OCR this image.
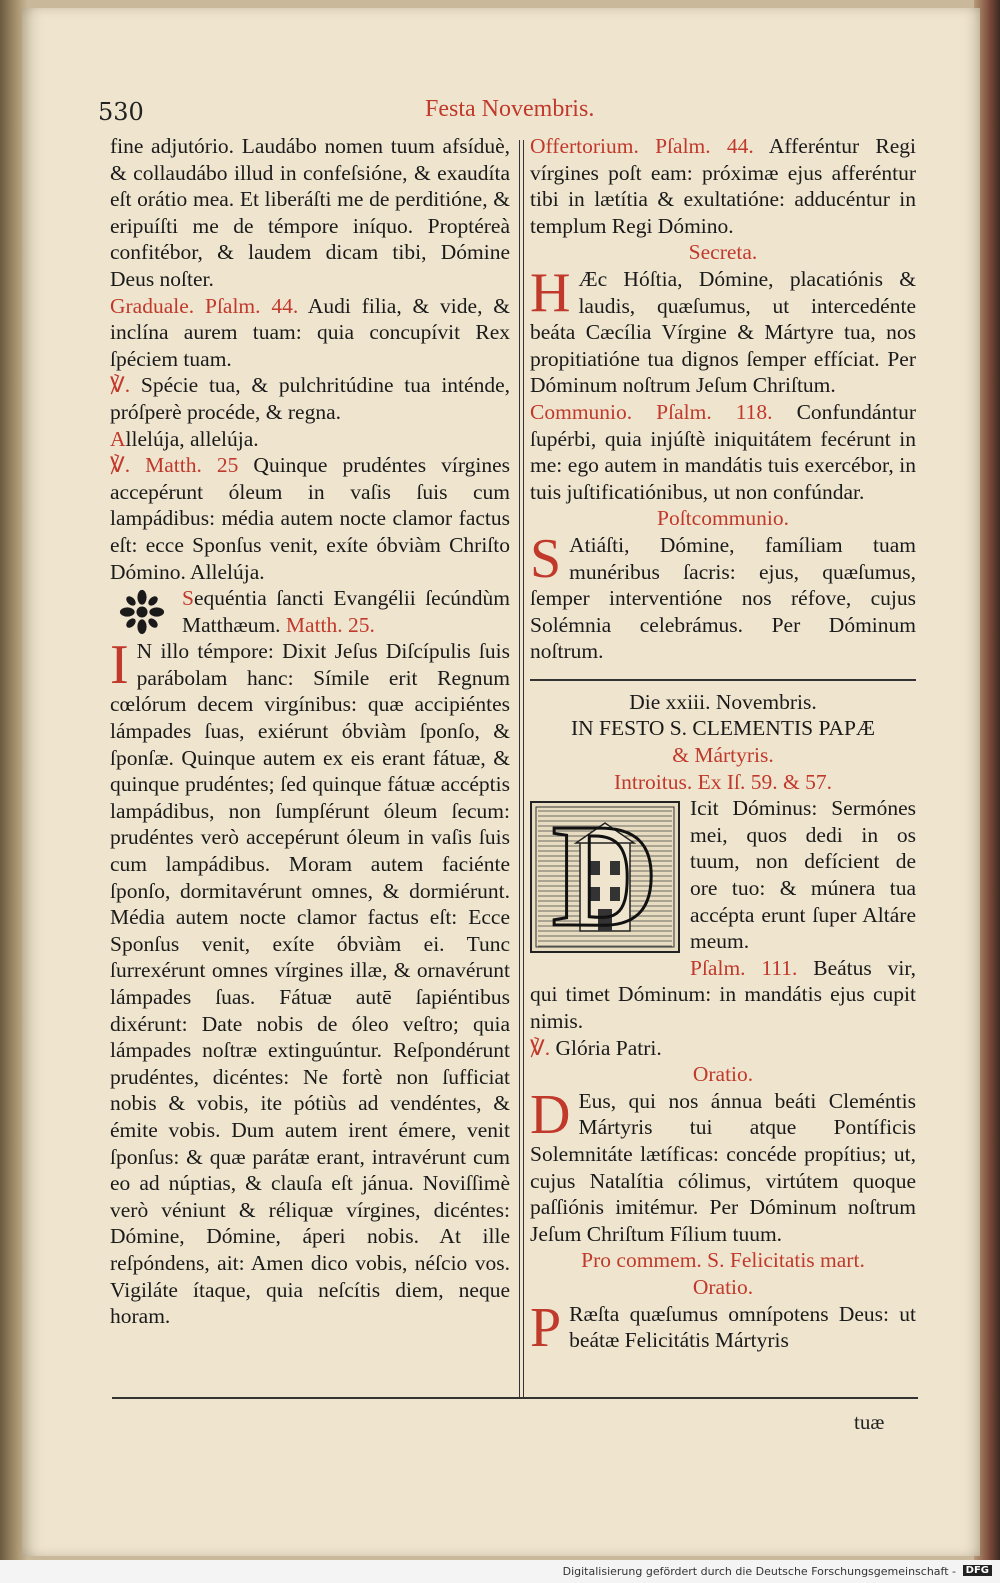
530	Festa Novembris.

fine adjutório. Laudábo nomen tuum afsíduè, & collaudábo illud in confeſsióne, & exaudíta eſt orátio mea. Et liberáſti me de perditióne, & eripuíſti me de témpore iníquo. Proptéreà confitébor, & laudem dicam tibi, Dómine Deus noſter.

Graduale. Pſalm. 44. Audi filia, & vide, & inclína aurem tuam: quia concupívit Rex ſpéciem tuam.

℣. Spécie tua, & pulchritúdine tua inténde, próſperè procéde, & regna.

Allelúja, allelúja.

℣. Matth. 25 Quinque prudéntes vírgines accepérunt óleum in vaſis ſuis cum lampádibus: média autem nocte clamor factus eſt: ecce Sponſus venit, exíte óbviàm Chriſto Dómino. Allelúja.

Sequéntia ſancti Evangélii ſecúndùm Matthæum. Matth. 25.

I N illo témpore: Dixit Jeſus Diſcípulis ſuis parábolam hanc: Símile erit Regnum cœlórum decem virgínibus: quæ accipiéntes lámpades ſuas, exiérunt óbviàm ſponſo, & ſponſæ. Quinque autem ex eis erant fátuæ, & quinque prudéntes; ſed quinque fátuæ accéptis lampádibus, non ſumpſérunt óleum ſecum: prudéntes verò accepérunt óleum in vaſis ſuis cum lampádibus. Moram autem faciénte ſponſo, dormitavérunt omnes, & dormiérunt. Média autem nocte clamor factus eſt: Ecce Sponſus venit, exíte óbviàm ei. Tunc ſurrexérunt omnes vírgines illæ, & ornavérunt lámpades ſuas. Fátuæ autē ſapiéntibus dixérunt: Date nobis de óleo veſtro; quia lámpades noſtræ extinguúntur. Reſpondérunt prudéntes, dicéntes: Ne fortè non ſufficiat nobis & vobis, ite pótiùs ad vendéntes, & émite vobis. Dum autem irent émere, venit ſponſus: & quæ parátæ erant, intravérunt cum eo ad núptias, & clauſa eſt jánua. Noviſſimè verò véniunt & réliquæ vírgines, dicéntes: Dómine, Dómine, áperi nobis. At ille reſpóndens, ait: Amen dico vobis, néſcio vos. Vigiláte ítaque, quia neſcítis diem, neque horam.

Offertorium. Pſalm. 44. Afferéntur Regi vírgines poſt eam: próximæ ejus afferéntur tibi in lætítia & exultatióne: adducéntur in templum Regi Dómino.

Secreta.

H Æc Hóſtia, Dómine, placatiónis & laudis, quæſumus, ut intercedénte beáta Cæcília Vírgine & Mártyre tua, nos propitiatióne tua dignos ſemper effíciat. Per Dóminum noſtrum Jeſum Chriſtum.

Communio. Pſalm. 118. Confundántur ſupérbi, quia injúſtè iniquitátem fecérunt in me: ego autem in mandátis tuis exercébor, in tuis juſtificatiónibus, ut non confúndar.

Poſtcommunio.

S Atiáſti, Dómine, famíliam tuam munéribus ſacris: ejus, quæſumus, ſemper interventióne nos réfove, cujus Solémnia celebrámus. Per Dóminum noſtrum.

Die xxiii. Novembris.

IN FESTO S. CLEMENTIS PAPÆ

& Mártyris.

Introitus. Ex Iſ. 59. & 57.

D	Icit Dóminus: Sermónes mei, quos dedi in os tuum, non defícient de ore tuo: & múnera tua accépta erunt ſuper Altáre meum.

Pſalm. 111. Beátus vir, qui timet Dóminum: in mandátis ejus cupit nimis.

℣. Glória Patri.

Oratio.

D Eus, qui nos ánnua beáti Cleméntis Mártyris tui atque Pontíficis Solemnitáte lætíficas: concéde propítius; ut, cujus Natalítia cólimus, virtútem quoque paſſiónis imitémur. Per Dóminum noſtrum Jeſum Chriſtum Fílium tuum.

Pro commem. S. Felicitatis mart.

Oratio.

P Ræſta quæſumus omnípotens Deus: ut beátæ Felicitátis Mártyris

tuæ
Digitalisierung gefördert durch die Deutsche Forschungsgemeinschaft - DFG
